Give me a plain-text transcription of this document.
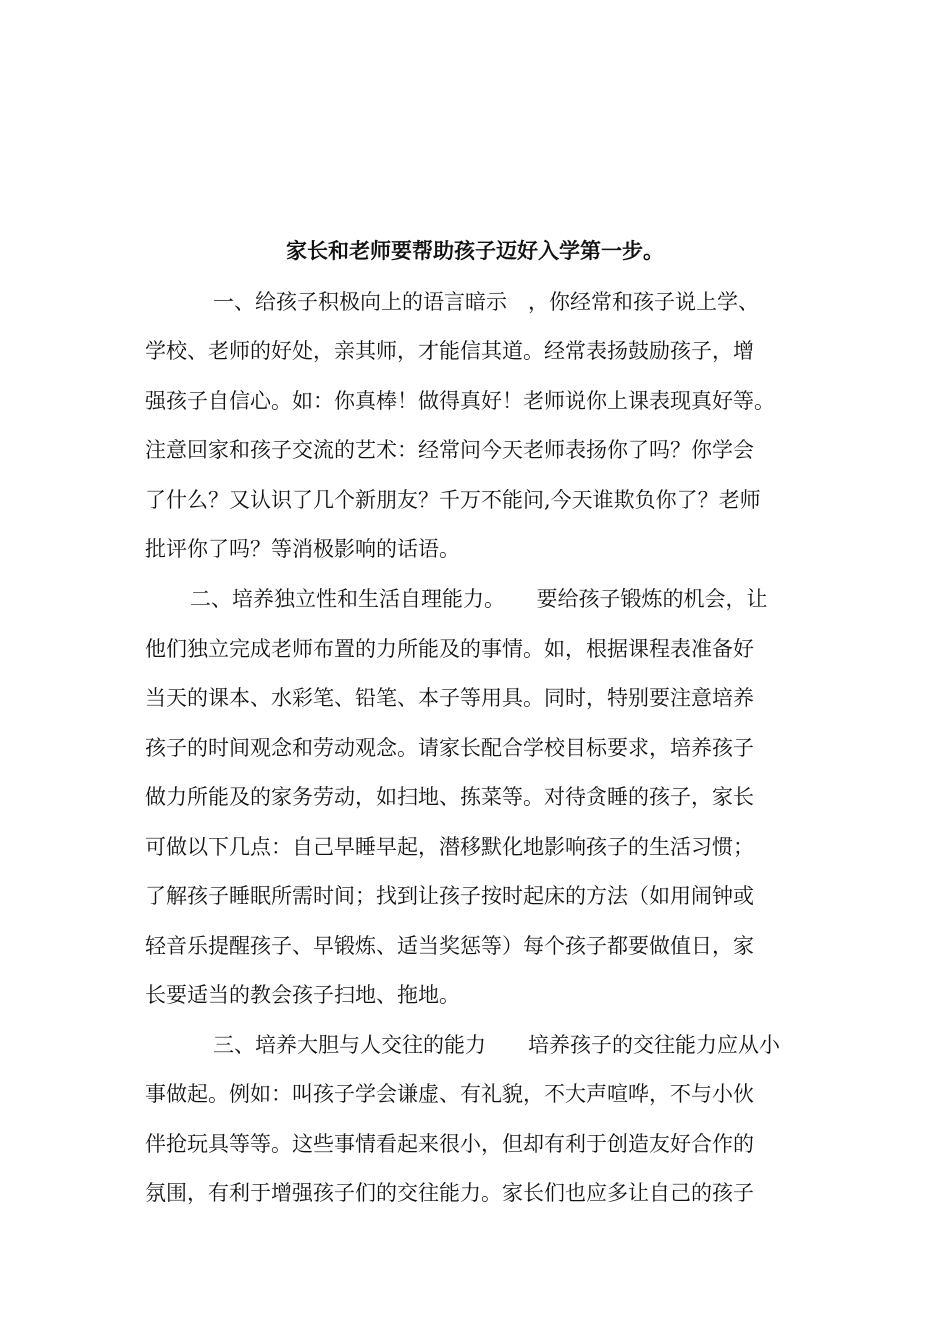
家长和老师要帮助孩子迈好入学第一步。
一、给孩子积极向上的语言暗示　，你经常和孩子说上学、
学校、老师的好处，亲其师，才能信其道。经常表扬鼓励孩子，增
强孩子自信心。如：你真棒！做得真好！老师说你上课表现真好等。
注意回家和孩子交流的艺术：经常问今天老师表扬你了吗？你学会
了什么？又认识了几个新朋友？千万不能问,今天谁欺负你了？老师
批评你了吗？等消极影响的话语。
二、培养独立性和生活自理能力。　　要给孩子锻炼的机会，让
他们独立完成老师布置的力所能及的事情。如，根据课程表准备好
当天的课本、水彩笔、铅笔、本子等用具。同时，特别要注意培养
孩子的时间观念和劳动观念。请家长配合学校目标要求，培养孩子
做力所能及的家务劳动，如扫地、拣菜等。对待贪睡的孩子，家长
可做以下几点：自己早睡早起，潜移默化地影响孩子的生活习惯；
了解孩子睡眠所需时间；找到让孩子按时起床的方法（如用闹钟或
轻音乐提醒孩子、早锻炼、适当奖惩等）每个孩子都要做值日，家
长要适当的教会孩子扫地、拖地。
三、培养大胆与人交往的能力　　培养孩子的交往能力应从小
事做起。例如：叫孩子学会谦虚、有礼貌，不大声喧哗，不与小伙
伴抢玩具等等。这些事情看起来很小，但却有利于创造友好合作的
氛围，有利于增强孩子们的交往能力。家长们也应多让自己的孩子
